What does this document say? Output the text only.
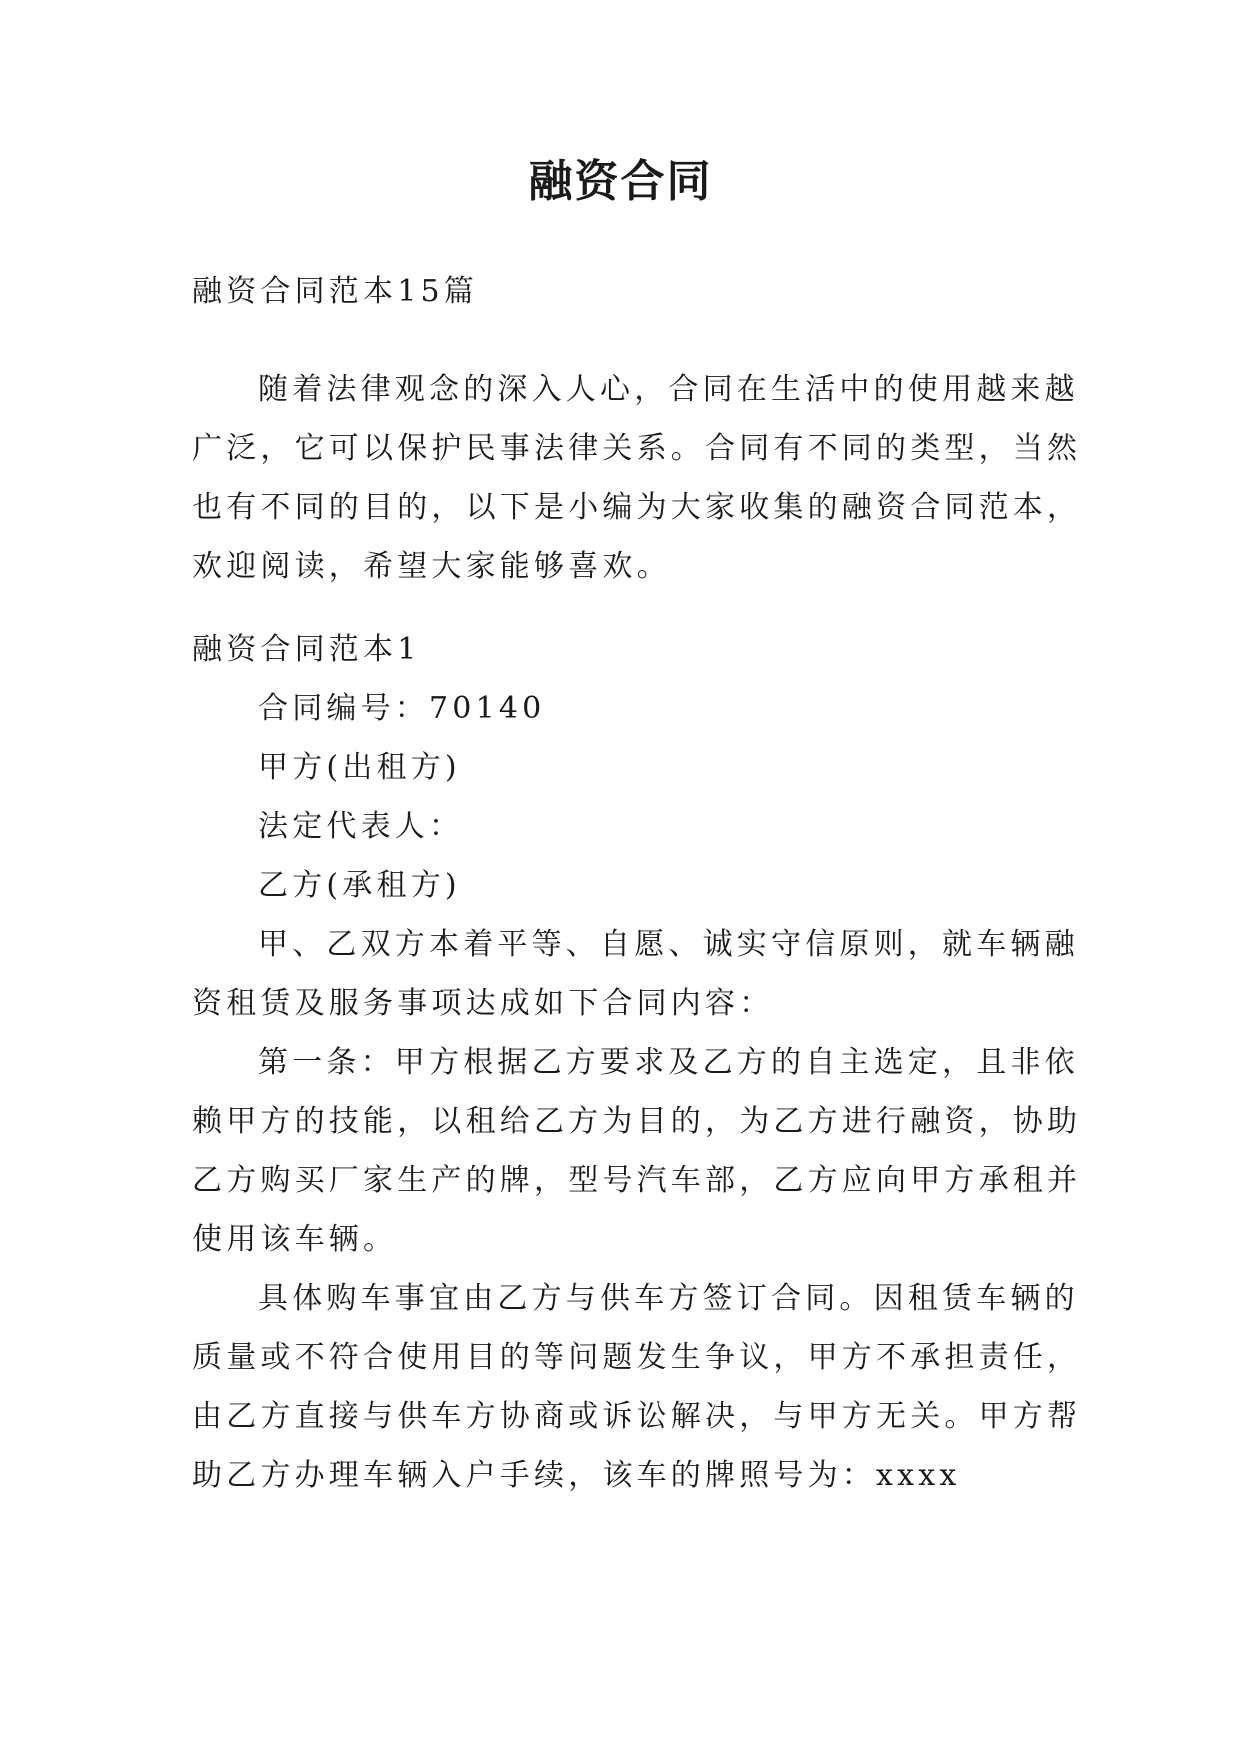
融资合同

融资合同范本15篇

随着法律观念的深入人心，合同在生活中的使用越来越
广泛，它可以保护民事法律关系。合同有不同的类型，当然
也有不同的目的，以下是小编为大家收集的融资合同范本，
欢迎阅读，希望大家能够喜欢。

融资合同范本1
合同编号：70140
甲方(出租方)
法定代表人：
乙方(承租方)
甲、乙双方本着平等、自愿、诚实守信原则，就车辆融
资租赁及服务事项达成如下合同内容：
第一条：甲方根据乙方要求及乙方的自主选定，且非依
赖甲方的技能，以租给乙方为目的，为乙方进行融资，协助
乙方购买厂家生产的牌，型号汽车部，乙方应向甲方承租并
使用该车辆。
具体购车事宜由乙方与供车方签订合同。因租赁车辆的
质量或不符合使用目的等问题发生争议，甲方不承担责任，
由乙方直接与供车方协商或诉讼解决，与甲方无关。甲方帮
助乙方办理车辆入户手续，该车的牌照号为：xxxx
